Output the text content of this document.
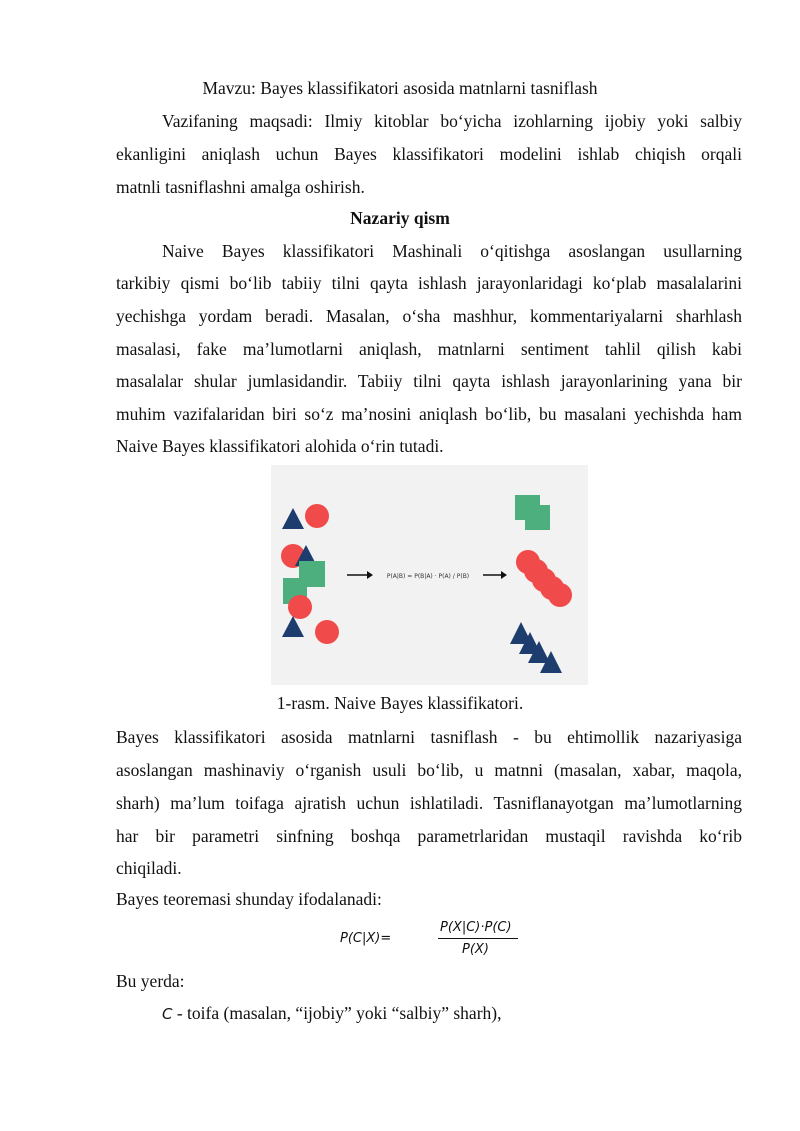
Mavzu: Bayes klassifikatori asosida matnlarni tasniflash
Vazifaning maqsadi: Ilmiy kitoblar bo‘yicha izohlarning ijobiy yoki salbiy
ekanligini aniqlash uchun Bayes klassifikatori modelini ishlab chiqish orqali
matnli tasniflashni amalga oshirish.
Nazariy qism
Naive Bayes klassifikatori Mashinali o‘qitishga asoslangan usullarning
tarkibiy qismi bo‘lib tabiiy tilni qayta ishlash jarayonlaridagi ko‘plab masalalarini
yechishga yordam beradi. Masalan, o‘sha mashhur, kommentariyalarni sharhlash
masalasi, fake ma’lumotlarni aniqlash, matnlarni sentiment tahlil qilish kabi
masalalar shular jumlasidandir. Tabiiy tilni qayta ishlash jarayonlarining yana bir
muhim vazifalaridan biri so‘z ma’nosini aniqlash bo‘lib, bu masalani yechishda ham
Naive Bayes klassifikatori alohida o‘rin tutadi.
P(A|B) = P(B|A) · P(A) / P(B)
1-rasm. Naive Bayes klassifikatori.
Bayes klassifikatori asosida matnlarni tasniflash - bu ehtimollik nazariyasiga
asoslangan mashinaviy o‘rganish usuli bo‘lib, u matnni (masalan, xabar, maqola,
sharh) ma’lum toifaga ajratish uchun ishlatiladi. Tasniflanayotgan ma’lumotlarning
har bir parametri sinfning boshqa parametrlaridan mustaqil ravishda ko‘rib
chiqiladi.
Bayes teoremasi shunday ifodalanadi:
P(C|X)=
P(X|C)·P(C)
P(X)
Bu yerda:
C - toifa (masalan, “ijobiy” yoki “salbiy” sharh),
